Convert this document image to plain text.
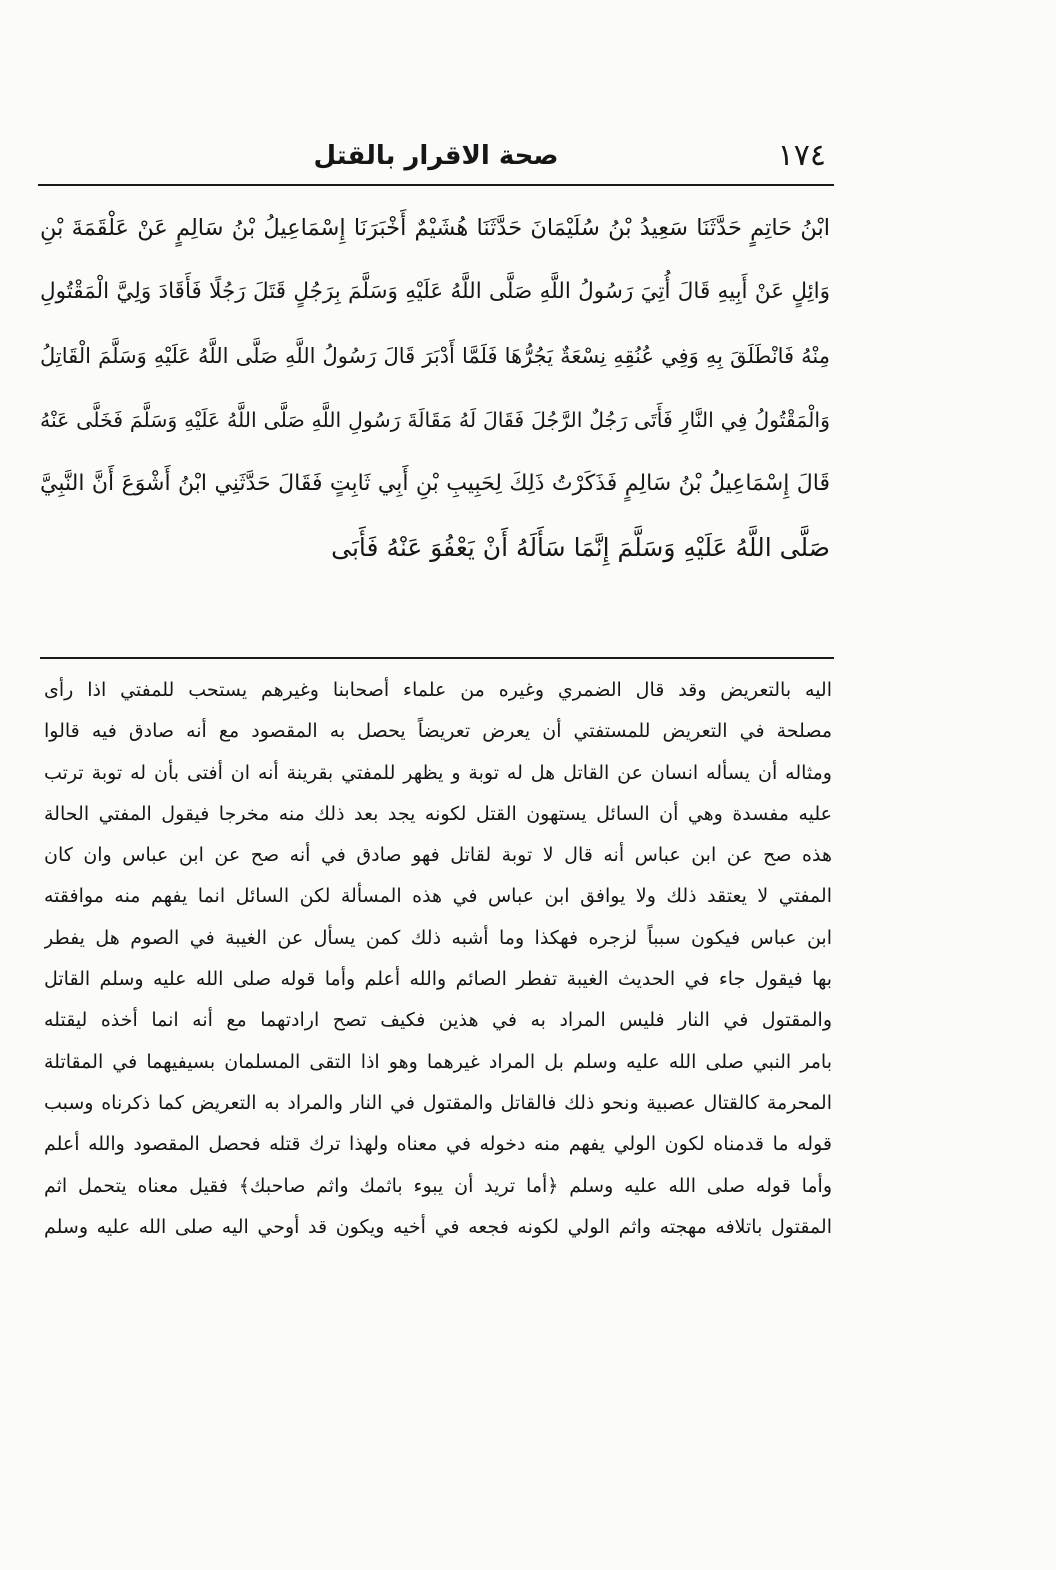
١٧٤
صحة الاقرار بالقتل
ابْنُ حَاتِمٍ حَدَّثَنَا سَعِيدُ بْنُ سُلَيْمَانَ حَدَّثَنَا هُشَيْمٌ أَخْبَرَنَا إِسْمَاعِيلُ بْنُ سَالِمٍ عَنْ عَلْقَمَةَ بْنِ
وَائِلٍ عَنْ أَبِيهِ قَالَ أُتِيَ رَسُولُ اللَّهِ صَلَّى اللَّهُ عَلَيْهِ وَسَلَّمَ بِرَجُلٍ قَتَلَ رَجُلًا فَأَقَادَ وَلِيَّ الْمَقْتُولِ
مِنْهُ فَانْطَلَقَ بِهِ وَفِي عُنُقِهِ نِسْعَةٌ يَجُرُّهَا فَلَمَّا أَدْبَرَ قَالَ رَسُولُ اللَّهِ صَلَّى اللَّهُ عَلَيْهِ وَسَلَّمَ الْقَاتِلُ
وَالْمَقْتُولُ فِي النَّارِ فَأَتَى رَجُلٌ الرَّجُلَ فَقَالَ لَهُ مَقَالَةَ رَسُولِ اللَّهِ صَلَّى اللَّهُ عَلَيْهِ وَسَلَّمَ فَخَلَّى عَنْهُ
قَالَ إِسْمَاعِيلُ بْنُ سَالِمٍ فَذَكَرْتُ ذَلِكَ لِحَبِيبِ بْنِ أَبِي ثَابِتٍ فَقَالَ حَدَّثَنِي ابْنُ أَشْوَعَ أَنَّ النَّبِيَّ
صَلَّى اللَّهُ عَلَيْهِ وَسَلَّمَ إِنَّمَا سَأَلَهُ أَنْ يَعْفُوَ عَنْهُ فَأَبَى
اليه بالتعريض وقد قال الضمري وغيره من علماء أصحابنا وغيرهم يستحب للمفتي اذا رأى
مصلحة في التعريض للمستفتي أن يعرض تعريضاً يحصل به المقصود مع أنه صادق فيه قالوا
ومثاله أن يسأله انسان عن القاتل هل له توبة و يظهر للمفتي بقرينة أنه ان أفتى بأن له توبة ترتب
عليه مفسدة وهي أن السائل يستهون القتل لكونه يجد بعد ذلك منه مخرجا فيقول المفتي الحالة
هذه صح عن ابن عباس أنه قال لا توبة لقاتل فهو صادق في أنه صح عن ابن عباس وان كان
المفتي لا يعتقد ذلك ولا يوافق ابن عباس في هذه المسألة لكن السائل انما يفهم منه موافقته
ابن عباس فيكون سبباً لزجره فهكذا وما أشبه ذلك كمن يسأل عن الغيبة في الصوم هل يفطر
بها فيقول جاء في الحديث الغيبة تفطر الصائم والله أعلم وأما قوله صلى الله عليه وسلم القاتل
والمقتول في النار فليس المراد به في هذين فكيف تصح ارادتهما مع أنه انما أخذه ليقتله
بامر النبي صلى الله عليه وسلم بل المراد غيرهما وهو اذا التقى المسلمان بسيفيهما في المقاتلة
المحرمة كالقتال عصبية ونحو ذلك فالقاتل والمقتول في النار والمراد به التعريض كما ذكرناه وسبب
قوله ما قدمناه لكون الولي يفهم منه دخوله في معناه ولهذا ترك قتله فحصل المقصود والله أعلم
وأما قوله صلى الله عليه وسلم ﴿أما تريد أن يبوء باثمك واثم صاحبك﴾ فقيل معناه يتحمل اثم
المقتول باتلافه مهجته واثم الولي لكونه فجعه في أخيه ويكون قد أوحي اليه صلى الله عليه وسلم
